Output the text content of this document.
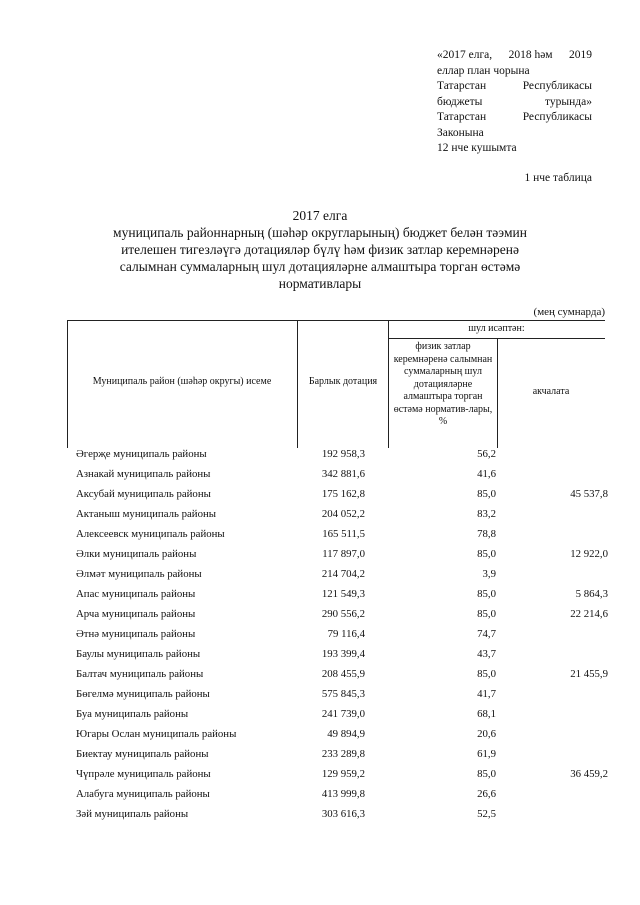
«2017 елга, 2018 һәм 2019
еллар план чорына
Татарстан	Республикасы
бюджеты	турында»
Татарстан	Республикасы
Законына
12 нче кушымта
1 нче таблица
2017 елга
муниципаль районнарның (шәһәр округларының) бюджет белән тәэмин
ителешен тигезләүгә дотацияләр бүлү һәм физик затлар керемнәренә
салымнан суммаларның шул дотацияләрне алмаштыра торган өстәмә
нормативлары
(мең сумнарда)
Муниципаль район (шәһәр округы) исеме	Барлык дотация
шул исәптән:
физик затлар керемнәренә салымнан суммаларның шул дотацияләрне алмаштыра торган өстәмә норматив-лары, %
акчалата
Әгерҗе муниципаль районы	192 958,3	56,2
Азнакай муниципаль районы	342 881,6	41,6
Аксубай муниципаль районы	175 162,8	85,0	45 537,8
Актаныш муниципаль районы	204 052,2	83,2
Алексеевск муниципаль районы	165 511,5	78,8
Әлки муниципаль районы	117 897,0	85,0	12 922,0
Әлмәт муниципаль районы	214 704,2	3,9
Апас муниципаль районы	121 549,3	85,0	5 864,3
Арча муниципаль районы	290 556,2	85,0	22 214,6
Әтнә муниципаль районы	79 116,4	74,7
Баулы муниципаль районы	193 399,4	43,7
Балтач муниципаль районы	208 455,9	85,0	21 455,9
Бөгелмә муниципаль районы	575 845,3	41,7
Буа муниципаль районы	241 739,0	68,1
Югары Ослан муниципаль районы	49 894,9	20,6
Биектау муниципаль районы	233 289,8	61,9
Чүпрәле муниципаль районы	129 959,2	85,0	36 459,2
Алабуга муниципаль районы	413 999,8	26,6
Зәй муниципаль районы	303 616,3	52,5
